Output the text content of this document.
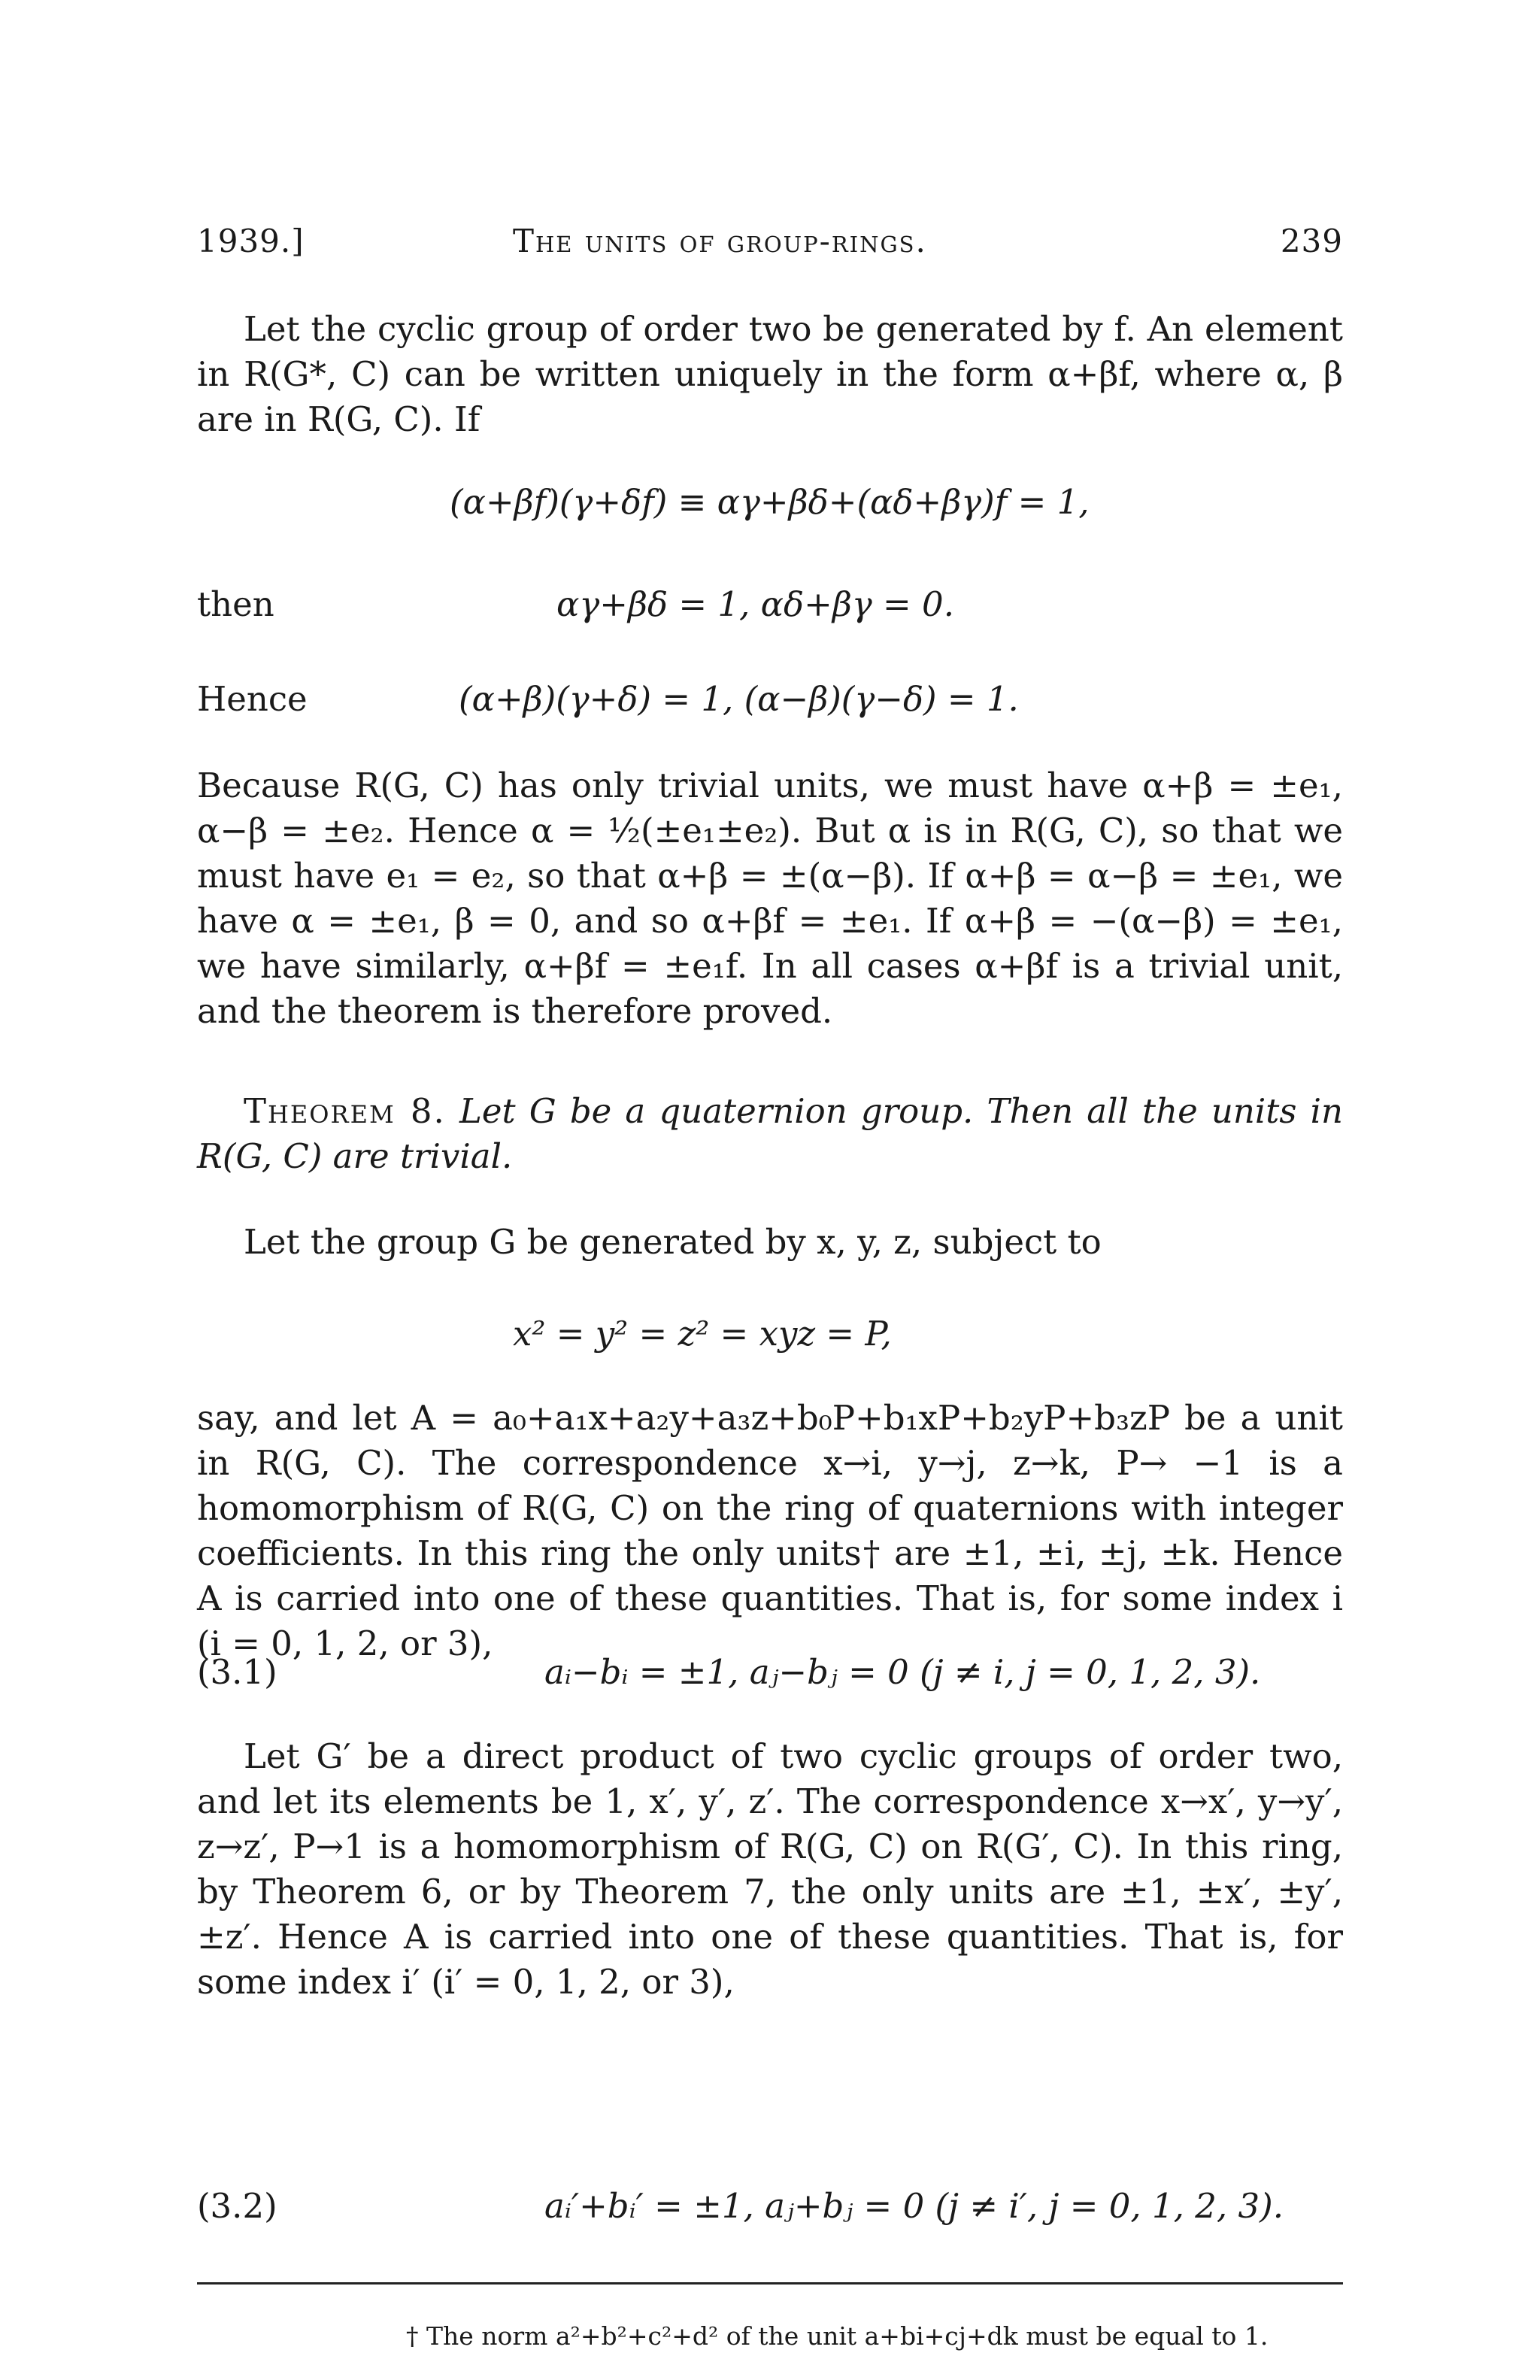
1939.]	The units of group-rings.	239
Let the cyclic group of order two be generated by f. An element in R(G*, C) can be written uniquely in the form α+βf, where α, β are in R(G, C). If
(α+βf)(γ+δf) ≡ αγ+βδ+(αδ+βγ)f = 1,
then	αγ+βδ = 1, αδ+βγ = 0.
Hence	(α+β)(γ+δ) = 1, (α−β)(γ−δ) = 1.
Because R(G, C) has only trivial units, we must have α+β = ±e₁, α−β = ±e₂. Hence α = ½(±e₁±e₂). But α is in R(G, C), so that we must have e₁ = e₂, so that α+β = ±(α−β). If α+β = α−β = ±e₁, we have α = ±e₁, β = 0, and so α+βf = ±e₁. If α+β = −(α−β) = ±e₁, we have similarly, α+βf = ±e₁f. In all cases α+βf is a trivial unit, and the theorem is therefore proved.
Theorem 8. Let G be a quaternion group. Then all the units in R(G, C) are trivial.
Let the group G be generated by x, y, z, subject to
x² = y² = z² = xyz = P,
say, and let A = a₀+a₁x+a₂y+a₃z+b₀P+b₁xP+b₂yP+b₃zP be a unit in R(G, C). The correspondence x→i, y→j, z→k, P→ −1 is a homomorphism of R(G, C) on the ring of quaternions with integer coefficients. In this ring the only units† are ±1, ±i, ±j, ±k. Hence A is carried into one of these quantities. That is, for some index i (i = 0, 1, 2, or 3),
(3.1)	aᵢ−bᵢ = ±1, aⱼ−bⱼ = 0 (j ≠ i, j = 0, 1, 2, 3).
Let G′ be a direct product of two cyclic groups of order two, and let its elements be 1, x′, y′, z′. The correspondence x→x′, y→y′, z→z′, P→1 is a homomorphism of R(G, C) on R(G′, C). In this ring, by Theorem 6, or by Theorem 7, the only units are ±1, ±x′, ±y′, ±z′. Hence A is carried into one of these quantities. That is, for some index i′ (i′ = 0, 1, 2, or 3),
(3.2)	aᵢ′+bᵢ′ = ±1, aⱼ+bⱼ = 0 (j ≠ i′, j = 0, 1, 2, 3).
† The norm a²+b²+c²+d² of the unit a+bi+cj+dk must be equal to 1.
